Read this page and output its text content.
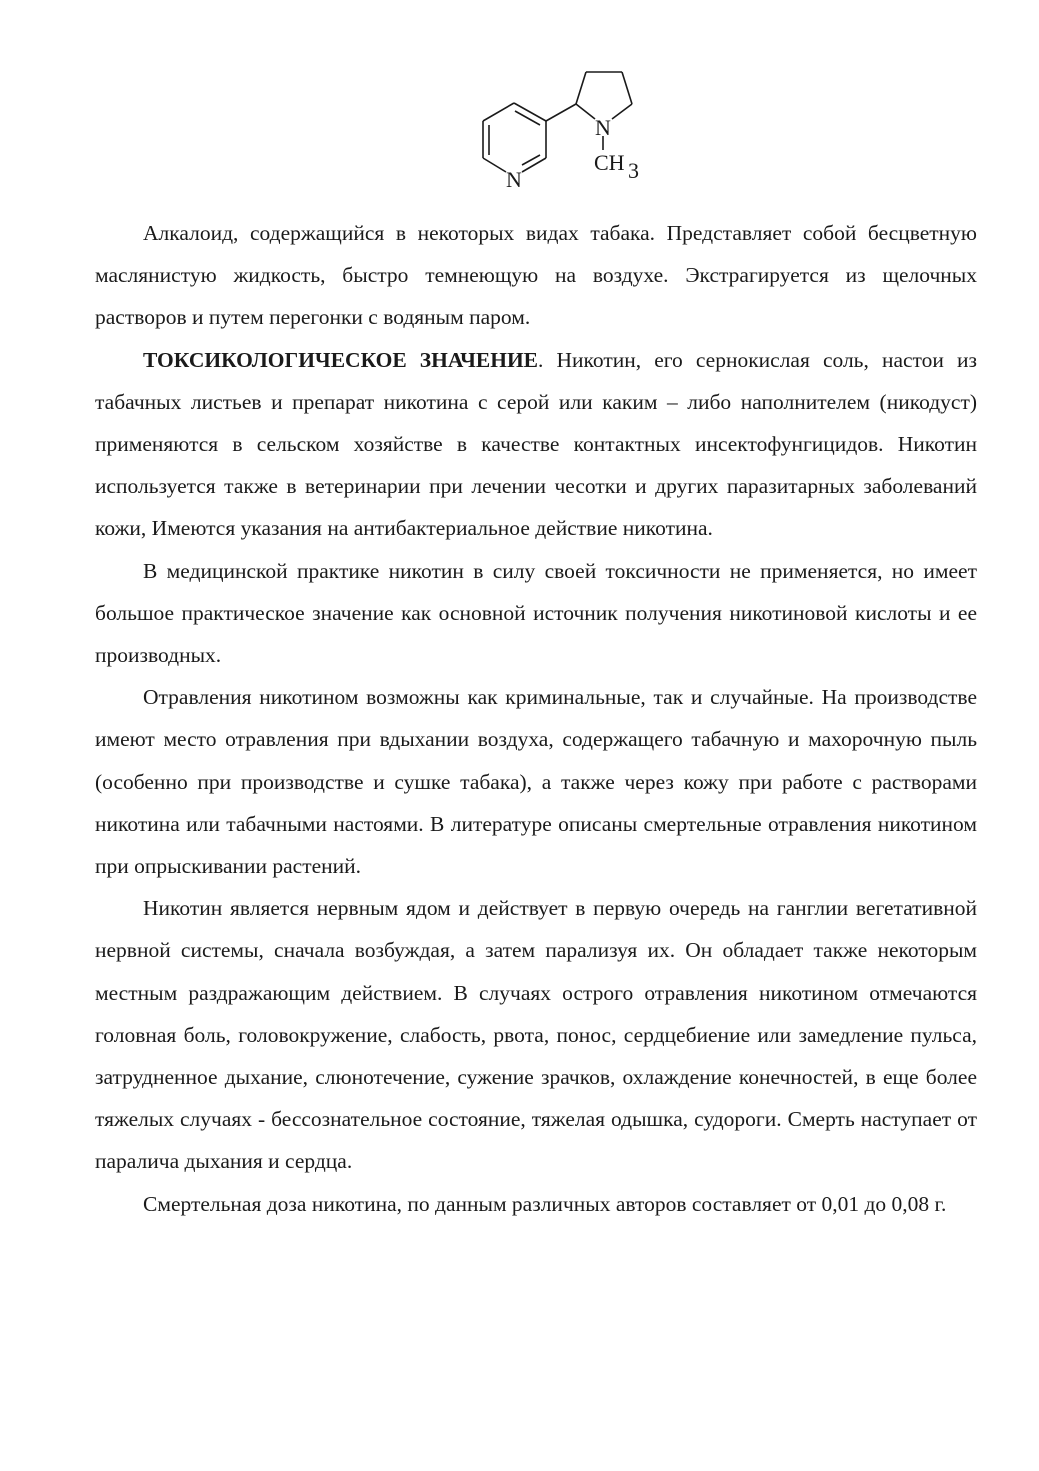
N
N
CH 3

Алкалоид, содержащийся в некоторых видах табака. Представляет собой бесцветную маслянистую жидкость, быстро темнеющую на воздухе. Экстрагируется из щелочных растворов и путем перегонки с водяным паром.

ТОКСИКОЛОГИЧЕСКОЕ ЗНАЧЕНИЕ. Никотин, его сернокислая соль, настои из табачных листьев и препарат никотина с серой или каким – либо наполнителем (никодуст) применяются в сельском хозяйстве в качестве контактных инсектофунгицидов. Никотин используется также в ветеринарии при лечении чесотки и других паразитарных заболеваний кожи, Имеются указания на антибактериальное действие никотина.

В медицинской практике никотин в силу своей токсичности не применяется, но имеет большое практическое значение как основной источник получения никотиновой кислоты и ее производных.

Отравления никотином возможны как криминальные, так и случайные. На производстве имеют место отравления при вдыхании воздуха, содержащего табачную и махорочную пыль (особенно при производстве и сушке табака), а также через кожу при работе с растворами никотина или табачными настоями. В литературе описаны смертельные отравления никотином при опрыскивании растений.

Никотин является нервным ядом и действует в первую очередь на ганглии вегетативной нервной системы, сначала возбуждая, а затем парализуя их. Он обладает также некоторым местным раздражающим действием. В случаях острого отравления никотином отмечаются головная боль, головокружение, слабость, рвота, понос, сердцебиение или замедление пульса, затрудненное дыхание, слюнотечение, сужение зрачков, охлаждение конечностей, в еще более тяжелых случаях - бессознательное состояние, тяжелая одышка, судороги. Смерть наступает от паралича дыхания и сердца.

Смертельная доза никотина, по данным различных авторов составляет от 0,01 до 0,08 г.
